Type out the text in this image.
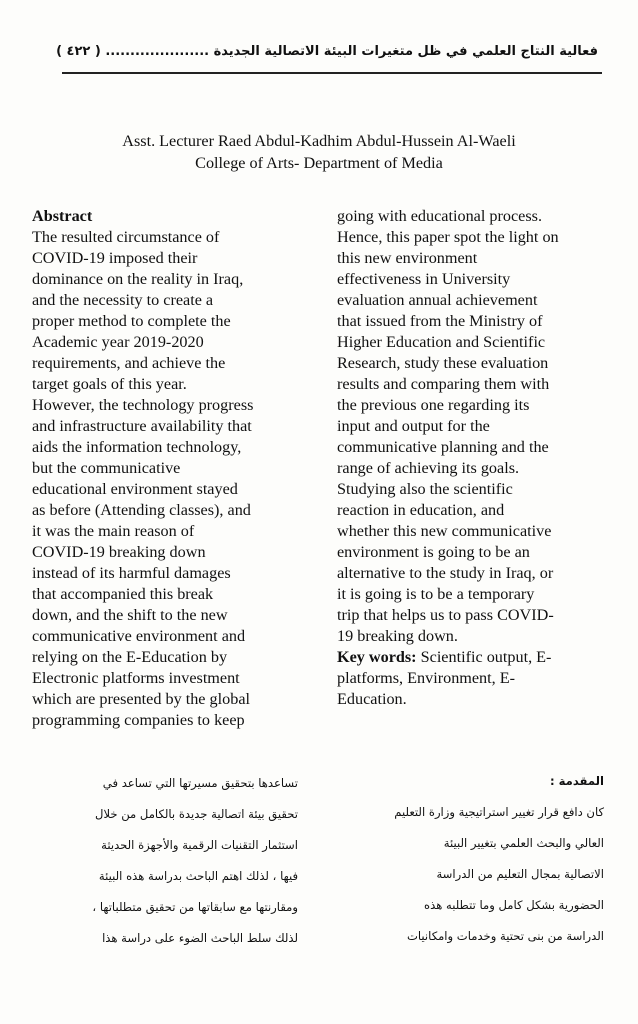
فعالية النتاج العلمي في ظل متغيرات البيئة الاتصالية الجديدة ..................... ( ٤٢٢ )
Asst. Lecturer Raed Abdul-Kadhim Abdul-Hussein Al-Waeli
College of Arts- Department of Media
Abstract
The resulted circumstance of
COVID-19 imposed their
dominance on the reality in Iraq,
and the necessity to create a
proper method to complete the
Academic year 2019-2020
requirements, and achieve the
target goals of this year.
However, the technology progress
and infrastructure availability that
aids the information technology,
but the communicative
educational environment stayed
as before (Attending classes), and
it was the main reason of
COVID-19 breaking down
instead of its harmful damages
that accompanied this break
down, and the shift to the new
communicative environment and
relying on the E-Education by
Electronic platforms investment
which are presented by the global
programming companies to keep
going with educational process.
Hence, this paper spot the light on
this new environment
effectiveness in University
evaluation annual achievement
that issued from the Ministry of
Higher Education and Scientific
Research, study these evaluation
results and comparing them with
the previous one regarding its
input and output for the
communicative planning and the
range of achieving its goals.
Studying also the scientific
reaction in education, and
whether this new communicative
environment is going to be an
alternative to the study in Iraq, or
it is going is to be a temporary
trip that helps us to pass COVID-
19 breaking down.
Key words: Scientific output, E-
platforms, Environment, E-
Education.
المقدمة :
كان دافع قرار تغيير استراتيجية وزارة التعليم
العالي والبحث العلمي بتغيير البيئة
الاتصالية بمجال التعليم من الدراسة
الحضورية بشكل كامل وما تتطلبه هذه
الدراسة من بنى تحتية وخدمات وامكانيات
تساعدها بتحقيق مسيرتها التي تساعد في
تحقيق بيئة اتصالية جديدة بالكامل من خلال
استثمار التقنيات الرقمية والأجهزة الحديثة
فيها ، لذلك اهتم الباحث بدراسة هذه البيئة
ومقارنتها مع سابقاتها من تحقيق متطلباتها ،
لذلك سلط الباحث الضوء على دراسة هذا
